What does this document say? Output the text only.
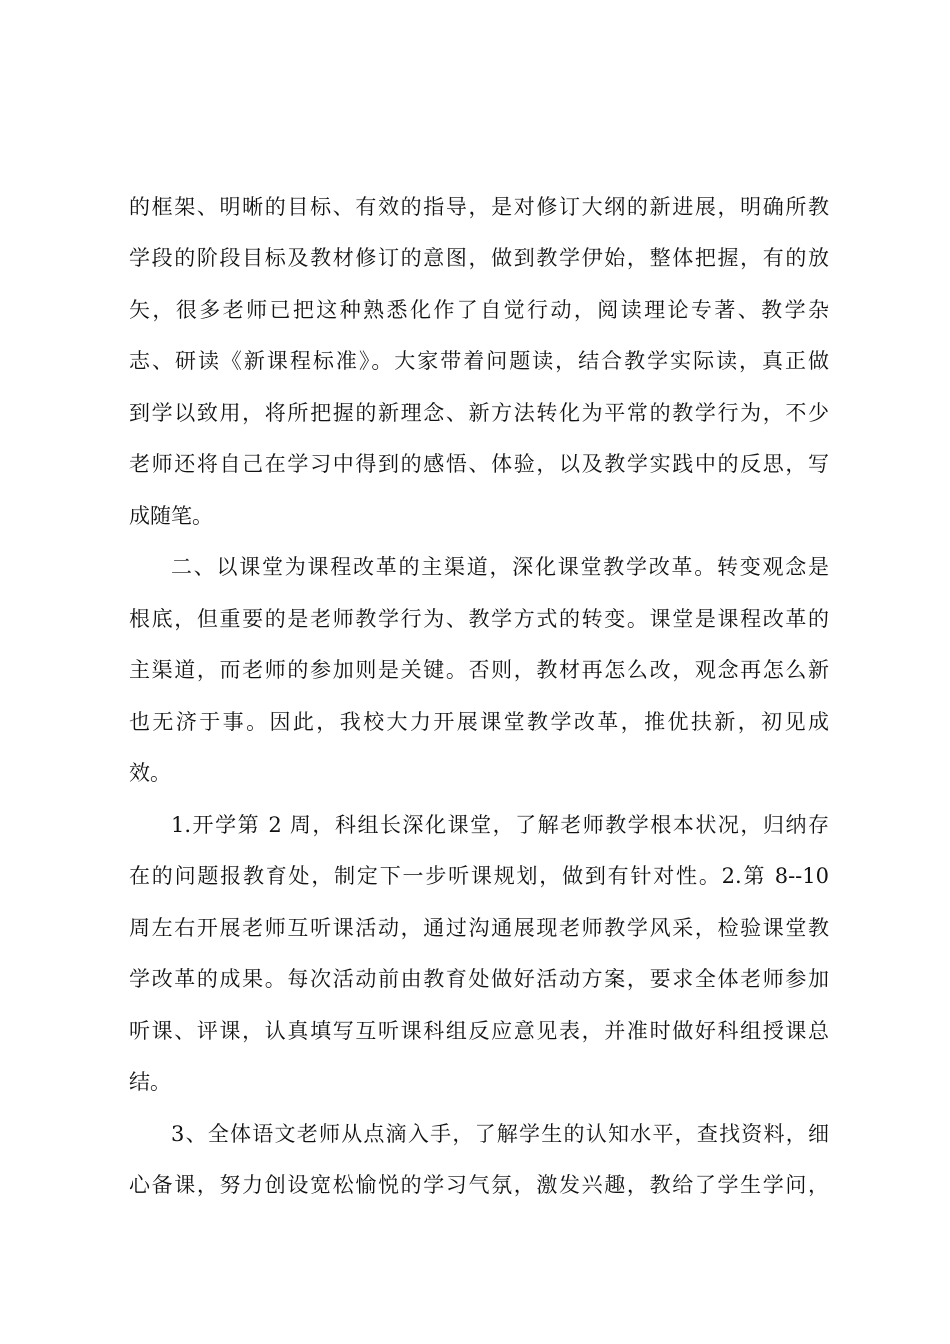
的框架、明晰的目标、有效的指导，是对修订大纲的新进展，明确所教
学段的阶段目标及教材修订的意图，做到教学伊始，整体把握，有的放
矢，很多老师已把这种熟悉化作了自觉行动，阅读理论专著、教学杂
志、研读《新课程标准》。大家带着问题读，结合教学实际读，真正做
到学以致用，将所把握的新理念、新方法转化为平常的教学行为，不少
老师还将自己在学习中得到的感悟、体验，以及教学实践中的反思，写
成随笔。
二、以课堂为课程改革的主渠道，深化课堂教学改革。转变观念是
根底，但重要的是老师教学行为、教学方式的转变。课堂是课程改革的
主渠道，而老师的参加则是关键。否则，教材再怎么改，观念再怎么新
也无济于事。因此，我校大力开展课堂教学改革，推优扶新，初见成
效。
1.开学第 2 周，科组长深化课堂，了解老师教学根本状况，归纳存
在的问题报教育处，制定下一步听课规划，做到有针对性。2.第 8--10
周左右开展老师互听课活动，通过沟通展现老师教学风采，检验课堂教
学改革的成果。每次活动前由教育处做好活动方案，要求全体老师参加
听课、评课，认真填写互听课科组反应意见表，并准时做好科组授课总
结。
3、全体语文老师从点滴入手，了解学生的认知水平，查找资料，细
心备课，努力创设宽松愉悦的学习气氛，激发兴趣，教给了学生学问，
